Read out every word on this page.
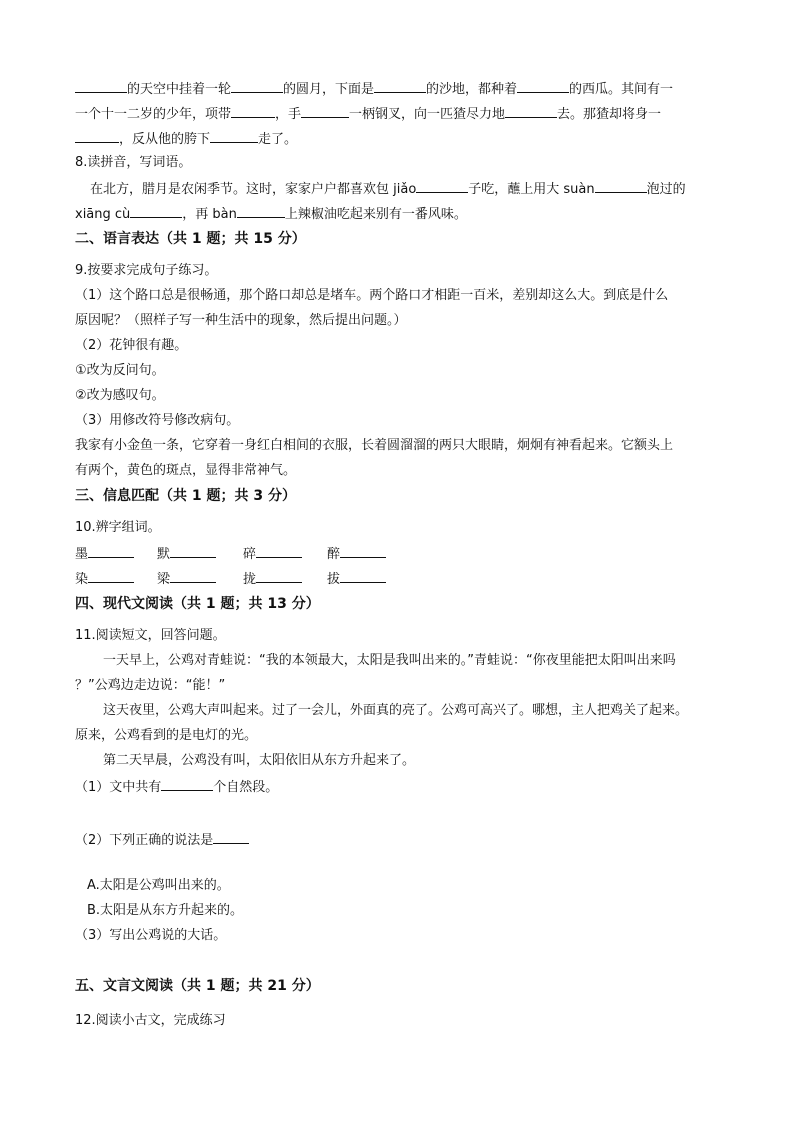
的天空中挂着一轮	的圆月，下面是	的沙地，都种着	的西瓜。其间有一
一个十一二岁的少年，项带	，手	一柄钢叉，向一匹猹尽力地	去。那猹却将身一
，反从他的胯下	走了。
8.读拼音，写词语。
在北方，腊月是农闲季节。这时，家家户户都喜欢包 jiǎo	子吃，蘸上用大 suàn	泡过的
xiāng cù	，再 bàn	上辣椒油吃起来别有一番风味。
二、语言表达（共 1 题；共 15 分）
9.按要求完成句子练习。
（1）这个路口总是很畅通，那个路口却总是堵车。两个路口才相距一百米，差别却这么大。到底是什么
原因呢？（照样子写一种生活中的现象，然后提出问题。）
（2）花钟很有趣。
①改为反问句。
②改为感叹句。
（3）用修改符号修改病句。
我家有小金鱼一条，它穿着一身红白相间的衣服，长着圆溜溜的两只大眼睛，炯炯有神看起来。它额头上
有两个，黄色的斑点，显得非常神气。
三、信息匹配（共 1 题；共 3 分）
10.辨字组词。
墨	默	碎	醉
染	梁	拢	拔
四、现代文阅读（共 1 题；共 13 分）
11.阅读短文，回答问题。
一天早上，公鸡对青蛙说：“我的本领最大，太阳是我叫出来的。”青蛙说：“你夜里能把太阳叫出来吗
？”公鸡边走边说：“能！”
这天夜里，公鸡大声叫起来。过了一会儿，外面真的亮了。公鸡可高兴了。哪想，主人把鸡关了起来。
原来，公鸡看到的是电灯的光。
第二天早晨，公鸡没有叫，太阳依旧从东方升起来了。
（1）文中共有	个自然段。
（2）下列正确的说法是
A.太阳是公鸡叫出来的。
B.太阳是从东方升起来的。
（3）写出公鸡说的大话。
五、文言文阅读（共 1 题；共 21 分）
12.阅读小古文，完成练习
